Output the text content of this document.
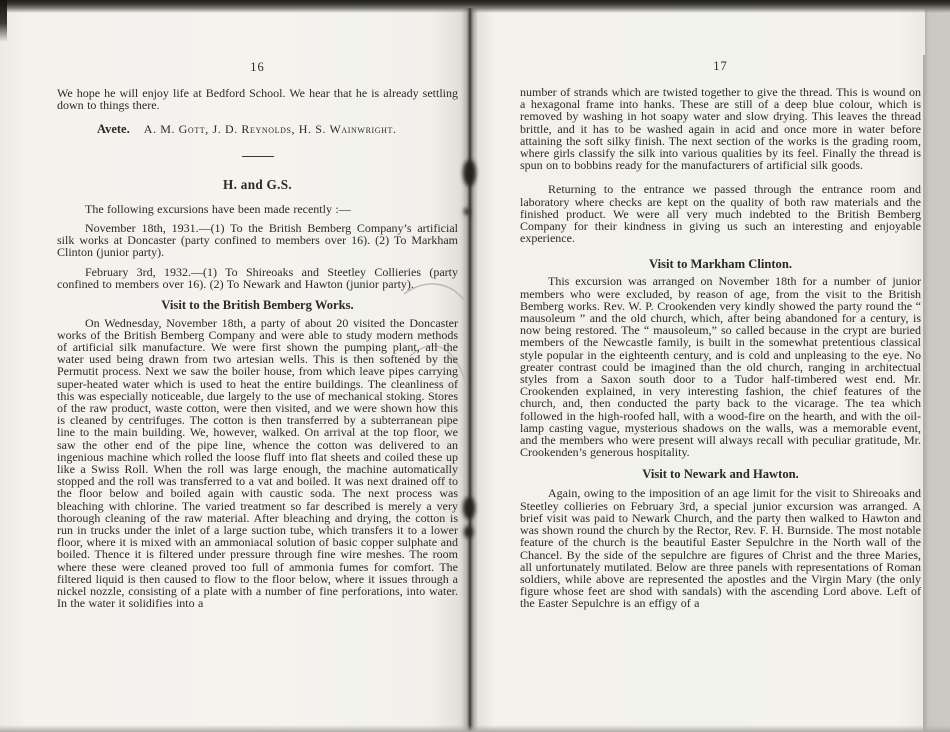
16

We hope he will enjoy life at Bedford School. We hear that he is already settling down to things there.

Avete. A. M. Gott, J. D. Reynolds, H. S. Wainwright.
H. and G.S.

The following excursions have been made recently :—

November 18th, 1931.—(1) To the British Bemberg Company’s artificial silk works at Doncaster (party confined to members over 16). (2) To Markham Clinton (junior party).

February 3rd, 1932.—(1) To Shireoaks and Steetley Collieries (party confined to members over 16). (2) To Newark and Hawton (junior party).

Visit to the British Bemberg Works.

On Wednesday, November 18th, a party of about 20 visited the Doncaster works of the British Bemberg Company and were able to study modern methods of artificial silk manufacture. We were first shown the pumping plant, all the water used being drawn from two artesian wells. This is then softened by the Permutit process. Next we saw the boiler house, from which leave pipes carrying super-heated water which is used to heat the entire buildings. The cleanliness of this was especially noticeable, due largely to the use of mechanical stoking. Stores of the raw product, waste cotton, were then visited, and we were shown how this is cleaned by centrifuges. The cotton is then transferred by a subterranean pipe line to the main building. We, however, walked. On arrival at the top floor, we saw the other end of the pipe line, whence the cotton was delivered to an ingenious machine which rolled the loose fluff into flat sheets and coiled these up like a Swiss Roll. When the roll was large enough, the machine automatically stopped and the roll was transferred to a vat and boiled. It was next drained off to the floor below and boiled again with caustic soda. The next process was bleaching with chlorine. The varied treatment so far described is merely a very thorough cleaning of the raw material. After bleaching and drying, the cotton is run in trucks under the inlet of a large suction tube, which transfers it to a lower floor, where it is mixed with an ammoniacal solution of basic copper sulphate and boiled. Thence it is filtered under pressure through fine wire meshes. The room where these were cleaned proved too full of ammonia fumes for comfort. The filtered liquid is then caused to flow to the floor below, where it issues through a nickel nozzle, consisting of a plate with a number of fine perforations, into water. In the water it solidifies into a

17

number of strands which are twisted together to give the thread. This is wound on a hexagonal frame into hanks. These are still of a deep blue colour, which is removed by washing in hot soapy water and slow drying. This leaves the thread brittle, and it has to be washed again in acid and once more in water before attaining the soft silky finish. The next section of the works is the grading room, where girls classify the silk into various qualities by its feel. Finally the thread is spun on to bobbins ready for the manufacturers of artificial silk goods.

Returning to the entrance we passed through the entrance room and laboratory where checks are kept on the quality of both raw materials and the finished product. We were all very much indebted to the British Bemberg Company for their kindness in giving us such an interesting and enjoyable experience.

Visit to Markham Clinton.

This excursion was arranged on November 18th for a number of junior members who were excluded, by reason of age, from the visit to the British Bemberg works. Rev. W. P. Crookenden very kindly showed the party round the “ mausoleum ” and the old church, which, after being abandoned for a century, is now being restored. The “ mausoleum,” so called because in the crypt are buried members of the Newcastle family, is built in the somewhat pretentious classical style popular in the eighteenth century, and is cold and unpleasing to the eye. No greater contrast could be imagined than the old church, ranging in architectual styles from a Saxon south door to a Tudor half-timbered west end. Mr. Crookenden explained, in very interesting fashion, the chief features of the church, and, then conducted the party back to the vicarage. The tea which followed in the high-roofed hall, with a wood-fire on the hearth, and with the oil-lamp casting vague, mysterious shadows on the walls, was a memorable event, and the members who were present will always recall with peculiar gratitude, Mr. Crookenden’s generous hospitality.

Visit to Newark and Hawton.

Again, owing to the imposition of an age limit for the visit to Shireoaks and Steetley collieries on February 3rd, a special junior excursion was arranged. A brief visit was paid to Newark Church, and the party then walked to Hawton and was shown round the church by the Rector, Rev. F. H. Burnside. The most notable feature of the church is the beautiful Easter Sepulchre in the North wall of the Chancel. By the side of the sepulchre are figures of Christ and the three Maries, all unfortunately mutilated. Below are three panels with representations of Roman soldiers, while above are represented the apostles and the Virgin Mary (the only figure whose feet are shod with sandals) with the ascending Lord above. Left of the Easter Sepulchre is an effigy of a
